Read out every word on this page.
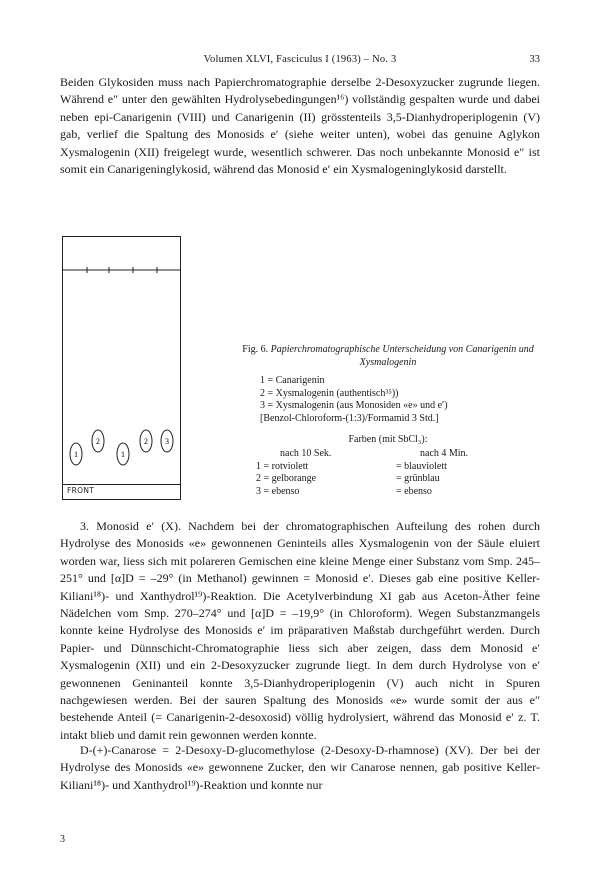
Volumen XLVI, Fasciculus I (1963) – No. 3	33

Beiden Glykosiden muss nach Papierchromatographie derselbe 2-Desoxyzucker zugrunde liegen. Während e″ unter den gewählten Hydrolysebedingungen¹⁶) vollständig gespalten wurde und dabei neben epi-Canarigenin (VIII) und Canarigenin (II) grösstenteils 3,5-Dianhydroperiplogenin (V) gab, verlief die Spaltung des Monosids e′ (siehe weiter unten), wobei das genuine Aglykon Xysmalogenin (XII) freigelegt wurde, wesentlich schwerer. Das noch unbekannte Monosid e″ ist somit ein Canarigeninglykosid, während das Monosid e′ ein Xysmalogeninglykosid darstellt.

1
2
1
2 3
FRONT
Fig. 6. Papierchromatographische Unterscheidung von Canarigenin und Xysmalogenin
1 = Canarigenin
2 = Xysmalogenin (authentisch³⁵))
3 = Xysmalogenin (aus Monosiden «e» und e′)
[Benzol-Chloroform-(1:3)/Formamid 3 Std.]
Farben (mit SbCl₃):
nach 10 Sek.	nach 4 Min.
1 = rotviolett	= blauviolett
2 = gelborange	= grünblau
3 = ebenso	= ebenso

3. Monosid e′ (X). Nachdem bei der chromatographischen Aufteilung des rohen durch Hydrolyse des Monosids «e» gewonnenen Geninteils alles Xysmalogenin von der Säule eluiert worden war, liess sich mit polareren Gemischen eine kleine Menge einer Substanz vom Smp. 245–251° und [α]D = –29° (in Methanol) gewinnen = Monosid e′. Dieses gab eine positive Keller-Kiliani¹⁸)- und Xanthydrol¹⁹)-Reaktion. Die Acetylverbindung XI gab aus Aceton-Äther feine Nädelchen vom Smp. 270–274° und [α]D = –19,9° (in Chloroform). Wegen Substanzmangels konnte keine Hydrolyse des Monosids e′ im präparativen Maßstab durchgeführt werden. Durch Papier- und Dünnschicht-Chromatographie liess sich aber zeigen, dass dem Monosid e′ Xysmalogenin (XII) und ein 2-Desoxyzucker zugrunde liegt. In dem durch Hydrolyse von e′ gewonnenen Geninanteil konnte 3,5-Dianhydroperiplogenin (V) auch nicht in Spuren nachgewiesen werden. Bei der sauren Spaltung des Monosids «e» wurde somit der aus e″ bestehende Anteil (= Canarigenin-2-desoxosid) völlig hydrolysiert, während das Monosid e′ z. T. intakt blieb und damit rein gewonnen werden konnte.

D-(+)-Canarose = 2-Desoxy-D-glucomethylose (2-Desoxy-D-rhamnose) (XV). Der bei der Hydrolyse des Monosids «e» gewonnene Zucker, den wir Canarose nennen, gab positive Keller-Kiliani¹⁸)- und Xanthydrol¹⁹)-Reaktion und konnte nur

3
